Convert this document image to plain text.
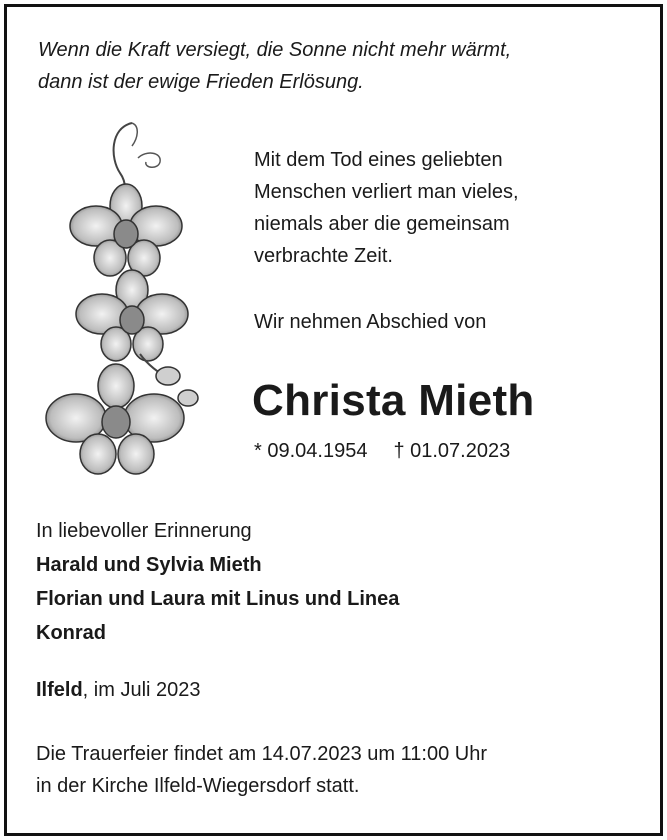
Wenn die Kraft versiegt, die Sonne nicht mehr wärmt,
dann ist der ewige Frieden Erlösung.
Mit dem Tod eines geliebten
Menschen verliert man vieles,
niemals aber die gemeinsam
verbrachte Zeit.
Wir nehmen Abschied von
Christa Mieth
* 09.04.1954 † 01.07.2023
In liebevoller Erinnerung
Harald und Sylvia Mieth
Florian und Laura mit Linus und Linea
Konrad
Ilfeld, im Juli 2023
Die Trauerfeier findet am 14.07.2023 um 11:00 Uhr
in der Kirche Ilfeld-Wiegersdorf statt.
